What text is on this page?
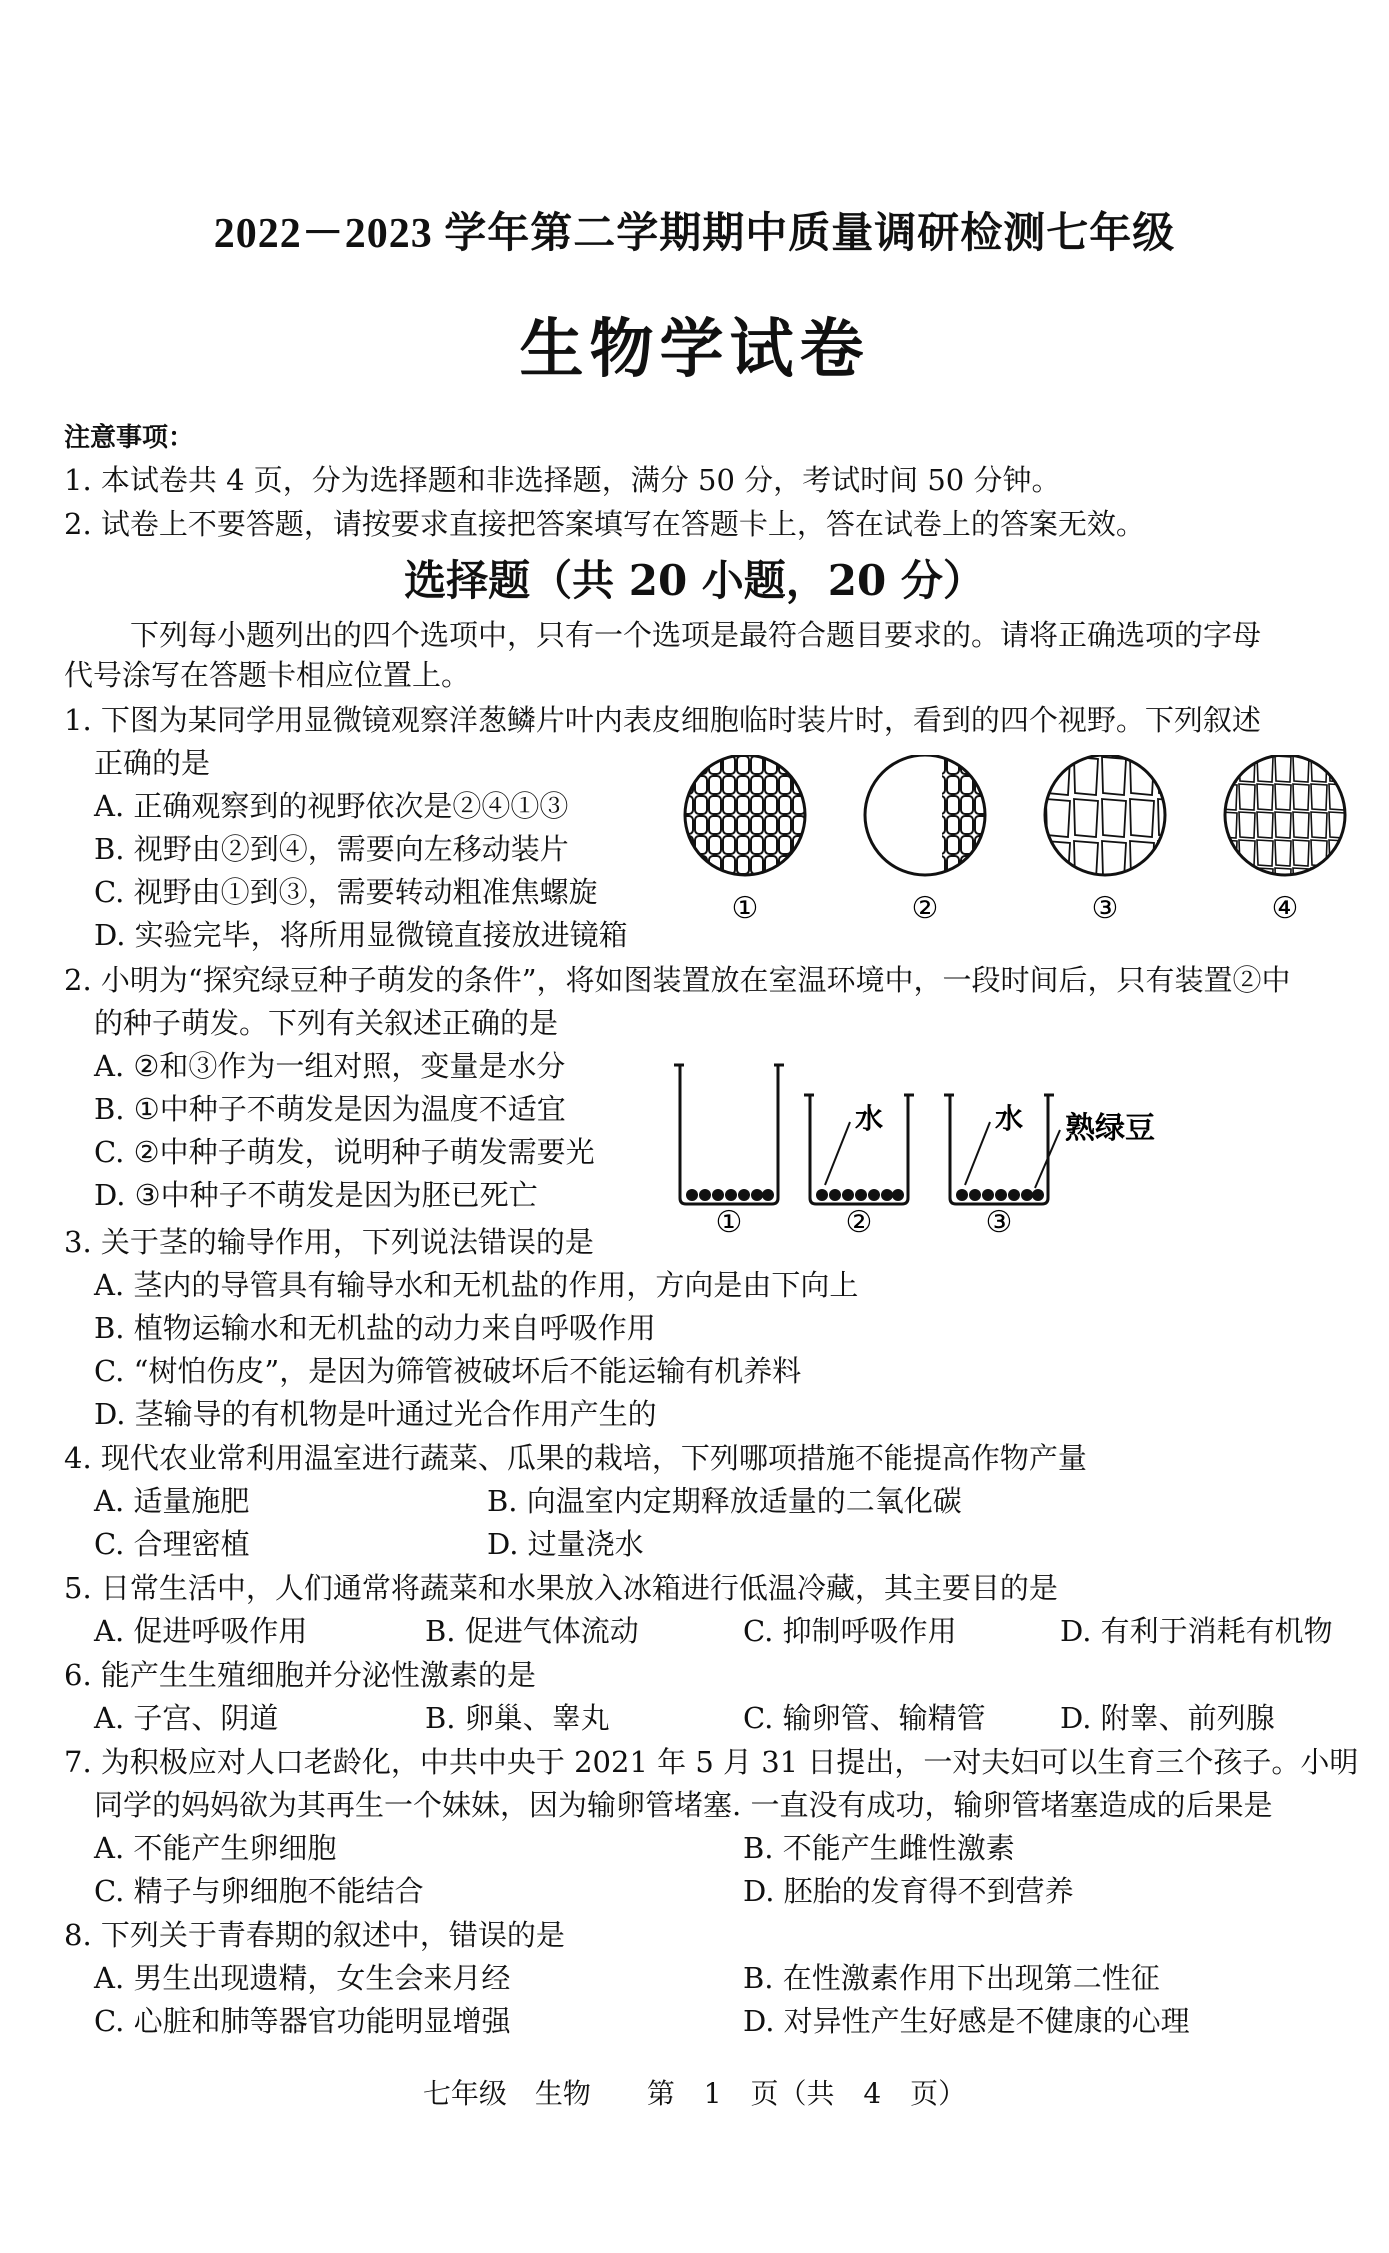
2022－2023 学年第二学期期中质量调研检测七年级
生物学试卷
注意事项：
1. 本试卷共 4 页，分为选择题和非选择题，满分 50 分，考试时间 50 分钟。
2. 试卷上不要答题，请按要求直接把答案填写在答题卡上，答在试卷上的答案无效。
选择题（共 20 小题，20 分）
下列每小题列出的四个选项中，只有一个选项是最符合题目要求的。请将正确选项的字母
代号涂写在答题卡相应位置上。
1. 下图为某同学用显微镜观察洋葱鳞片叶内表皮细胞临时装片时，看到的四个视野。下列叙述
正确的是
A. 正确观察到的视野依次是②④①③
B. 视野由②到④，需要向左移动装片
C. 视野由①到③，需要转动粗准焦螺旋
D. 实验完毕，将所用显微镜直接放进镜箱
①	②	③	④
2. 小明为“探究绿豆种子萌发的条件”，将如图装置放在室温环境中，一段时间后，只有装置②中
的种子萌发。下列有关叙述正确的是
A. ②和③作为一组对照，变量是水分
B. ①中种子不萌发是因为温度不适宜
C. ②中种子萌发，说明种子萌发需要光
D. ③中种子不萌发是因为胚已死亡
水	水 熟绿豆
①	②	③
3. 关于茎的输导作用，下列说法错误的是
A. 茎内的导管具有输导水和无机盐的作用，方向是由下向上
B. 植物运输水和无机盐的动力来自呼吸作用
C. “树怕伤皮”，是因为筛管被破坏后不能运输有机养料
D. 茎输导的有机物是叶通过光合作用产生的
4. 现代农业常利用温室进行蔬菜、瓜果的栽培，下列哪项措施不能提高作物产量
A. 适量施肥	B. 向温室内定期释放适量的二氧化碳
C. 合理密植	D. 过量浇水
5. 日常生活中，人们通常将蔬菜和水果放入冰箱进行低温冷藏，其主要目的是
A. 促进呼吸作用	B. 促进气体流动	C. 抑制呼吸作用	D. 有利于消耗有机物
6. 能产生生殖细胞并分泌性激素的是
A. 子宫、阴道	B. 卵巢、睾丸	C. 输卵管、输精管	D. 附睾、前列腺
7. 为积极应对人口老龄化，中共中央于 2021 年 5 月 31 日提出，一对夫妇可以生育三个孩子。小明
同学的妈妈欲为其再生一个妹妹，因为输卵管堵塞. 一直没有成功，输卵管堵塞造成的后果是
A. 不能产生卵细胞	B. 不能产生雌性激素
C. 精子与卵细胞不能结合	D. 胚胎的发育得不到营养
8. 下列关于青春期的叙述中，错误的是
A. 男生出现遗精，女生会来月经	B. 在性激素作用下出现第二性征
C. 心脏和肺等器官功能明显增强	D. 对异性产生好感是不健康的心理
七年级　生物　　第 1 页（共 4 页）
